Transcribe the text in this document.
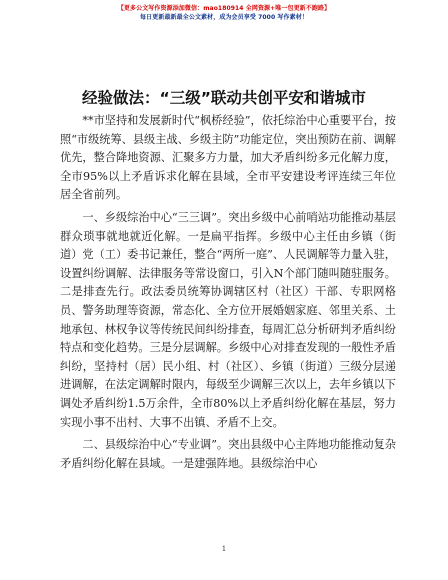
【更多公文写作资源添加微信：mao180914 全网资源+唯一包更新不跑路】
每日更新最新最全公文素材，成为会员享受 7000 写作素材！
经验做法：“三级”联动共创平安和谐城市

**市坚持和发展新时代“枫桥经验”，依托综治中心重要平台，按照“市级统筹、县级主战、乡级主防”功能定位，突出预防在前、调解优先，整合降地资源、汇聚多方力量，加大矛盾纠纷多元化解力度，全市95%以上矛盾诉求化解在县域，全市平安建设考评连续三年位居全省前列。

一、乡级综治中心“三三调”。突出乡级中心前哨站功能推动基层群众琐事就地就近化解。一是扁平指挥。乡级中心主任由乡镇（街道）党（工）委书记兼任，整合“两所一庭”、人民调解等力量入驻，设置纠纷调解、法律服务等常设窗口，引入N个部门随叫随驻服务。二是排查先行。政法委员统筹协调辖区村（社区）干部、专职网格员、警务助理等资源，常态化、全方位开展婚姻家庭、邻里关系、土地承包、林权争议等传统民间纠纷排查，每周汇总分析研判矛盾纠纷特点和变化趋势。三是分层调解。乡级中心对排查发现的一般性矛盾纠纷，坚持村（居）民小组、村（社区）、乡镇（街道）三级分层递进调解，在法定调解时限内，每级至少调解三次以上，去年乡镇以下调处矛盾纠纷1.5万余件，全市80%以上矛盾纠纷化解在基层，努力实现小事不出村、大事不出镇、矛盾不上交。

二、县级综治中心“专业调”。突出县级中心主阵地功能推动复杂矛盾纠纷化解在县域。一是建强阵地。县级综治中心

1
